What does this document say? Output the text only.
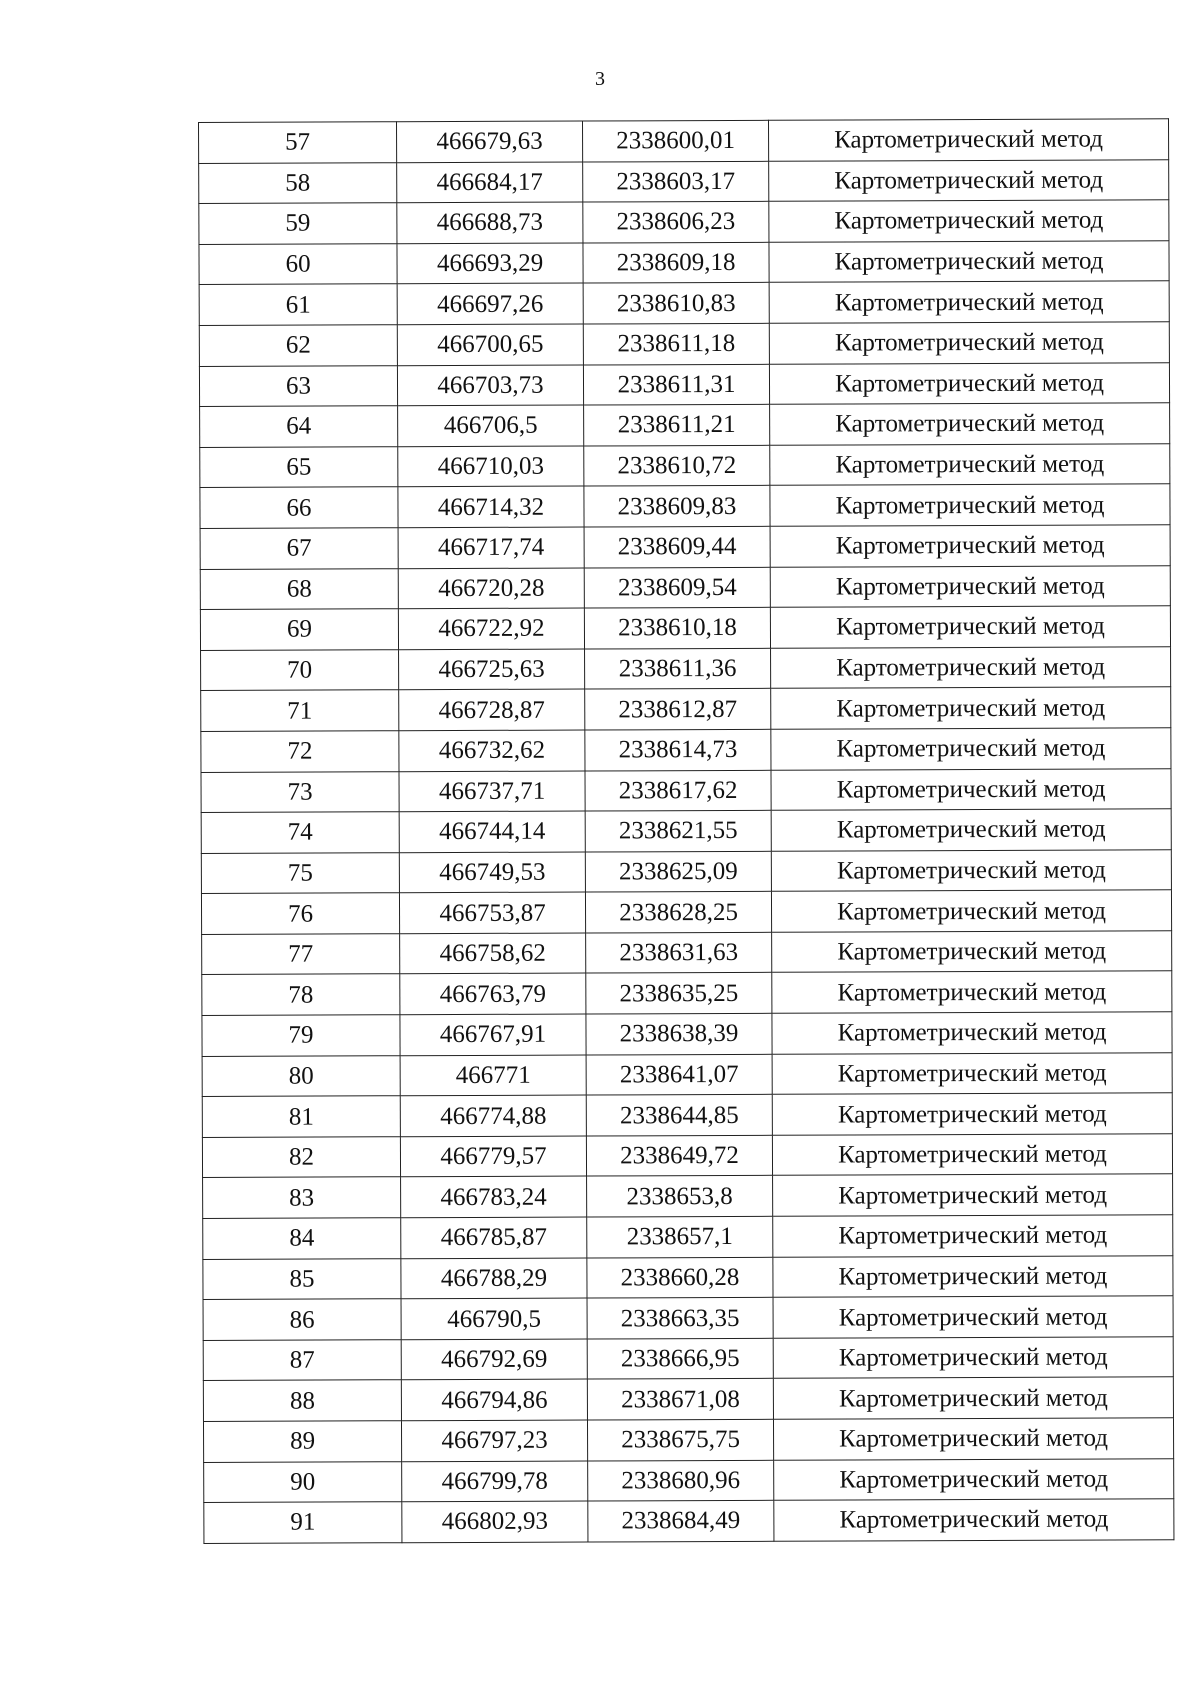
3
57	466679,63	2338600,01	Картометрический метод
58	466684,17	2338603,17	Картометрический метод
59	466688,73	2338606,23	Картометрический метод
60	466693,29	2338609,18	Картометрический метод
61	466697,26	2338610,83	Картометрический метод
62	466700,65	2338611,18	Картометрический метод
63	466703,73	2338611,31	Картометрический метод
64	466706,5	2338611,21	Картометрический метод
65	466710,03	2338610,72	Картометрический метод
66	466714,32	2338609,83	Картометрический метод
67	466717,74	2338609,44	Картометрический метод
68	466720,28	2338609,54	Картометрический метод
69	466722,92	2338610,18	Картометрический метод
70	466725,63	2338611,36	Картометрический метод
71	466728,87	2338612,87	Картометрический метод
72	466732,62	2338614,73	Картометрический метод
73	466737,71	2338617,62	Картометрический метод
74	466744,14	2338621,55	Картометрический метод
75	466749,53	2338625,09	Картометрический метод
76	466753,87	2338628,25	Картометрический метод
77	466758,62	2338631,63	Картометрический метод
78	466763,79	2338635,25	Картометрический метод
79	466767,91	2338638,39	Картометрический метод
80	466771	2338641,07	Картометрический метод
81	466774,88	2338644,85	Картометрический метод
82	466779,57	2338649,72	Картометрический метод
83	466783,24	2338653,8	Картометрический метод
84	466785,87	2338657,1	Картометрический метод
85	466788,29	2338660,28	Картометрический метод
86	466790,5	2338663,35	Картометрический метод
87	466792,69	2338666,95	Картометрический метод
88	466794,86	2338671,08	Картометрический метод
89	466797,23	2338675,75	Картометрический метод
90	466799,78	2338680,96	Картометрический метод
91	466802,93	2338684,49	Картометрический метод
